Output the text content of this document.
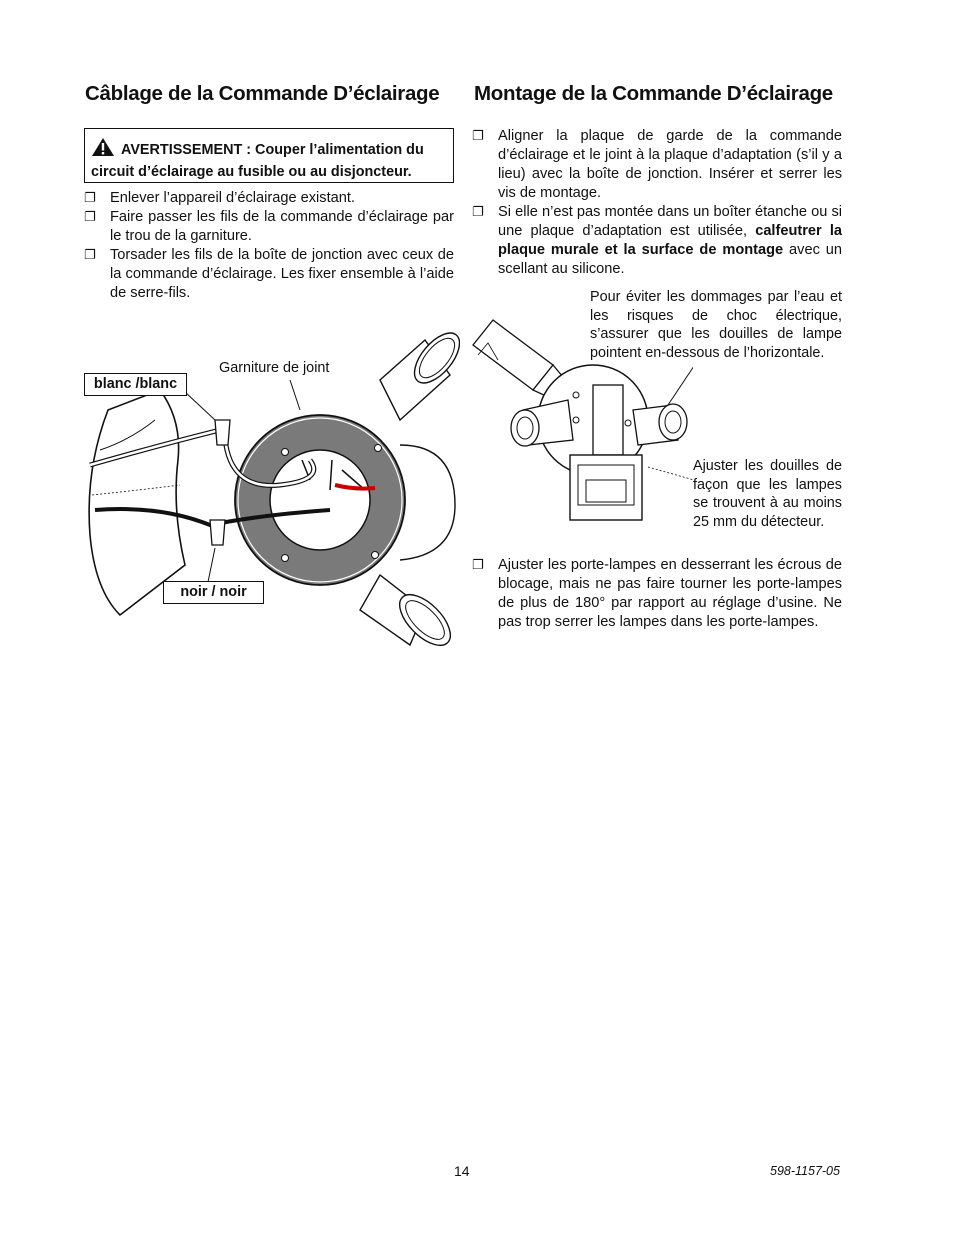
Câblage de la Commande D’éclairage
AVERTISSEMENT : Couper l’alimentation du circuit d’éclairage au fusible ou au disjoncteur.
❐ Enlever l’appareil d’éclairage existant.
❐ Faire passer les fils de la commande d’éclairage par le trou de la garniture.
❐ Torsader les fils de la boîte de jonction avec ceux de la commande d’éclairage. Les fixer ensemble à l’aide de serre-fils.
Garniture de joint
blanc /blanc
noir / noir
Montage de la Commande D’éclairage
❐ Aligner la plaque de garde de la commande d’éclairage et le joint à la plaque d’adaptation (s’il y a lieu) avec la boîte de jonction. Insérer et serrer les vis de montage.
❐ Si elle n’est pas montée dans un boîter étanche ou si une plaque d’adaptation est utilisée, calfeutrer la plaque murale et la surface de montage avec un scellant au silicone.
Pour éviter les dommages par l’eau et les risques de choc électrique, s’assurer que les douilles de lampe pointent en-dessous de l’horizontale.
Ajuster les douilles de façon que les lampes se trouvent à au moins 25 mm du détecteur.
❐ Ajuster les porte-lampes en desserrant les écrous de blocage, mais ne pas faire tourner les porte-lampes de plus de 180° par rapport au réglage d’usine. Ne pas trop serrer les lampes dans les porte-lampes.
14	598-1157-05
